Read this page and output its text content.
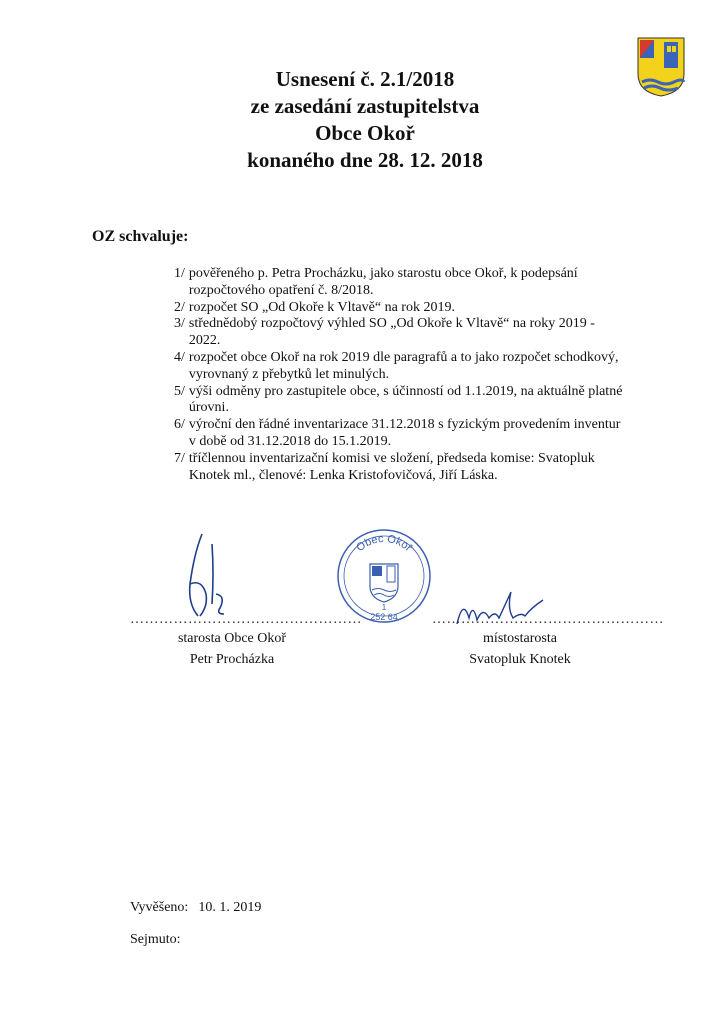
Usnesení č. 2.1/2018
ze zasedání zastupitelstva
Obce Okoř
konaného dne 28. 12. 2018
OZ schvaluje:
1/ pověřeného p. Petra Procházku, jako starostu obce Okoř, k podepsání rozpočtového opatření č. 8/2018.
2/ rozpočet SO „Od Okoře k Vltavě“ na rok 2019.
3/ střednědobý rozpočtový výhled SO „Od Okoře k Vltavě“ na roky 2019 - 2022.
4/ rozpočet obce Okoř na rok 2019 dle paragrafů a to jako rozpočet schodkový, vyrovnaný z přebytků let minulých.
5/ výši odměny pro zastupitele obce, s účinností od 1.1.2019, na aktuálně platné úrovni.
6/ výroční den řádné inventarizace 31.12.2018 s fyzickým provedením inventur v době od 31.12.2018 do 15.1.2019.
7/ tříčlennou inventarizační komisi ve složení, předseda komise: Svatopluk Knotek ml., členové: Lenka Kristofovičová, Jiří Láska.
Obec Okoř
1
252 64
…………………………………………	…………………………………………
starosta Obce Okoř
Petr Procházka
místostarosta
Svatopluk Knotek
Vyvěšeno: 10. 1. 2019
Sejmuto:
